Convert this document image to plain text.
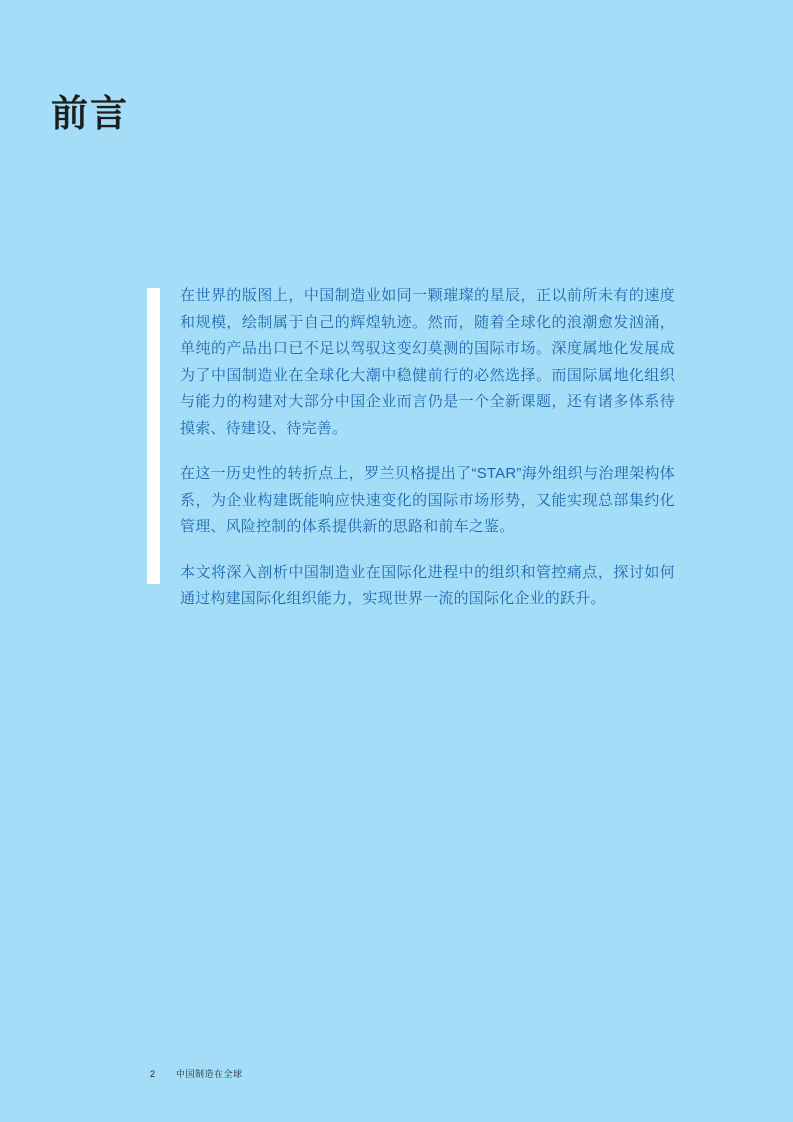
前言

在世界的版图上，中国制造业如同一颗璀璨的星辰，正以前所未有的速度和规模，绘制属于自己的辉煌轨迹。然而，随着全球化的浪潮愈发汹涌，单纯的产品出口已不足以驾驭这变幻莫测的国际市场。深度属地化发展成为了中国制造业在全球化大潮中稳健前行的必然选择。而国际属地化组织与能力的构建对大部分中国企业而言仍是一个全新课题，还有诸多体系待摸索、待建设、待完善。

在这一历史性的转折点上，罗兰贝格提出了“STAR”海外组织与治理架构体系，为企业构建既能响应快速变化的国际市场形势，又能实现总部集约化管理、风险控制的体系提供新的思路和前车之鉴。

本文将深入剖析中国制造业在国际化进程中的组织和管控痛点，探讨如何通过构建国际化组织能力，实现世界一流的国际化企业的跃升。

2 中国制造在全球
